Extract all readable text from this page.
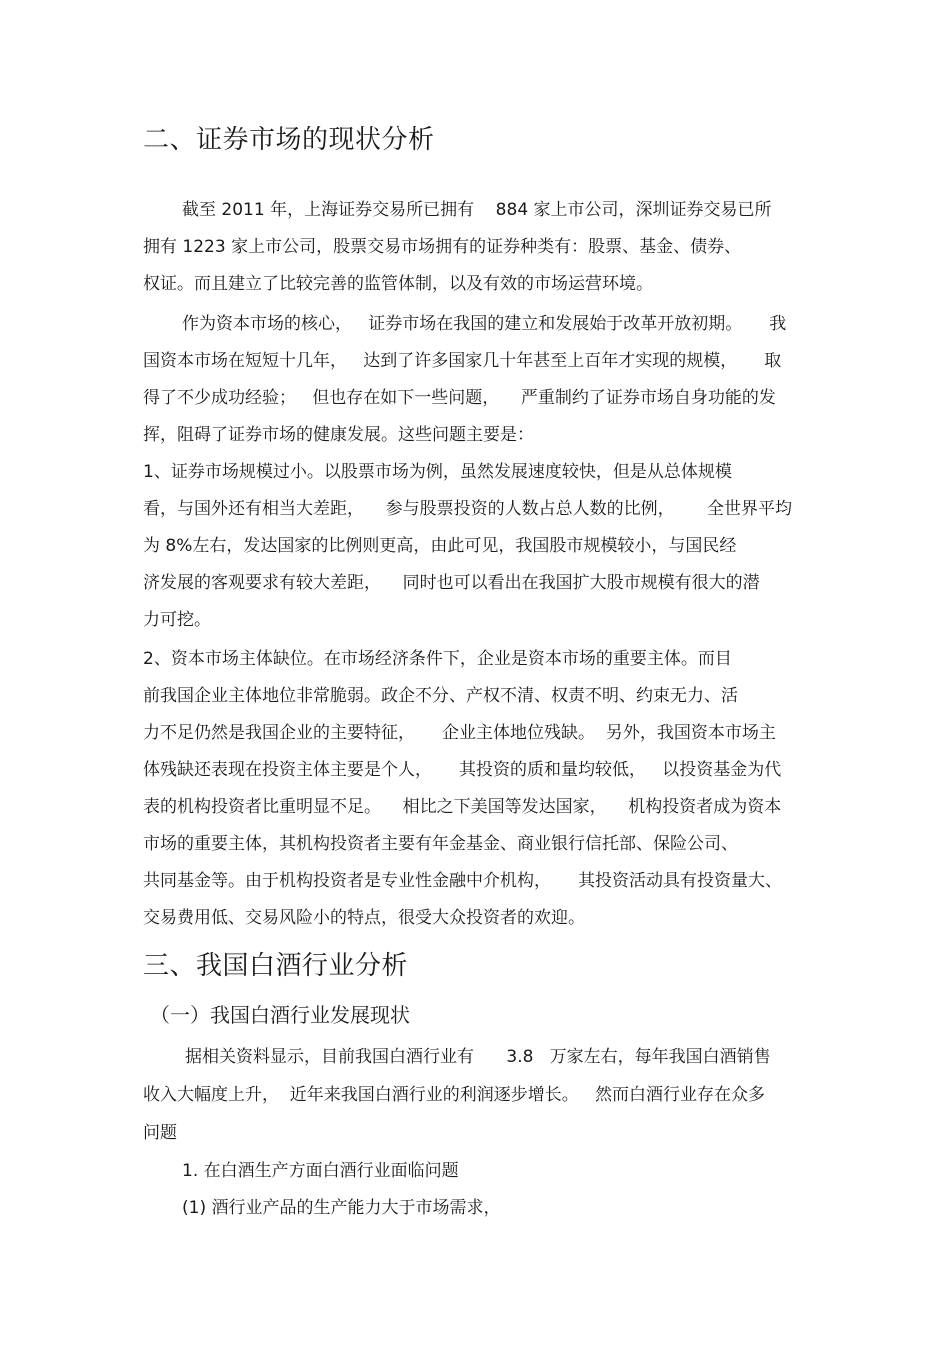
二、证券市场的现状分析
截至 2011 年，上海证券交易所已拥有    884 家上市公司，深圳证券交易已所
拥有 1223 家上市公司，股票交易市场拥有的证券种类有：股票、基金、债券、
权证。而且建立了比较完善的监管体制，以及有效的市场运营环境。
作为资本市场的核心，   证券市场在我国的建立和发展始于改革开放初期。     我
国资本市场在短短十几年，   达到了许多国家几十年甚至上百年才实现的规模，     取
得了不少成功经验；   但也存在如下一些问题，    严重制约了证券市场自身功能的发
挥，阻碍了证券市场的健康发展。这些问题主要是：
1、证券市场规模过小。以股票市场为例，虽然发展速度较快，但是从总体规模
看，与国外还有相当大差距，    参与股票投资的人数占总人数的比例，      全世界平均
为 8%左右，发达国家的比例则更高，由此可见，我国股市规模较小，与国民经
济发展的客观要求有较大差距，    同时也可以看出在我国扩大股市规模有很大的潜
力可挖。
2、资本市场主体缺位。在市场经济条件下，企业是资本市场的重要主体。而目
前我国企业主体地位非常脆弱。政企不分、产权不清、权责不明、约束无力、活
力不足仍然是我国企业的主要特征，     企业主体地位残缺。  另外，我国资本市场主
体残缺还表现在投资主体主要是个人，     其投资的质和量均较低，   以投资基金为代
表的机构投资者比重明显不足。    相比之下美国等发达国家，    机构投资者成为资本
市场的重要主体，其机构投资者主要有年金基金、商业银行信托部、保险公司、
共同基金等。由于机构投资者是专业性金融中介机构，     其投资活动具有投资量大、
交易费用低、交易风险小的特点，很受大众投资者的欢迎。
三、我国白酒行业分析
（一）我国白酒行业发展现状
据相关资料显示，目前我国白酒行业有      3.8   万家左右，每年我国白酒销售
收入大幅度上升，  近年来我国白酒行业的利润逐步增长。   然而白酒行业存在众多
问题
1. 在白酒生产方面白酒行业面临问题
(1) 酒行业产品的生产能力大于市场需求，
